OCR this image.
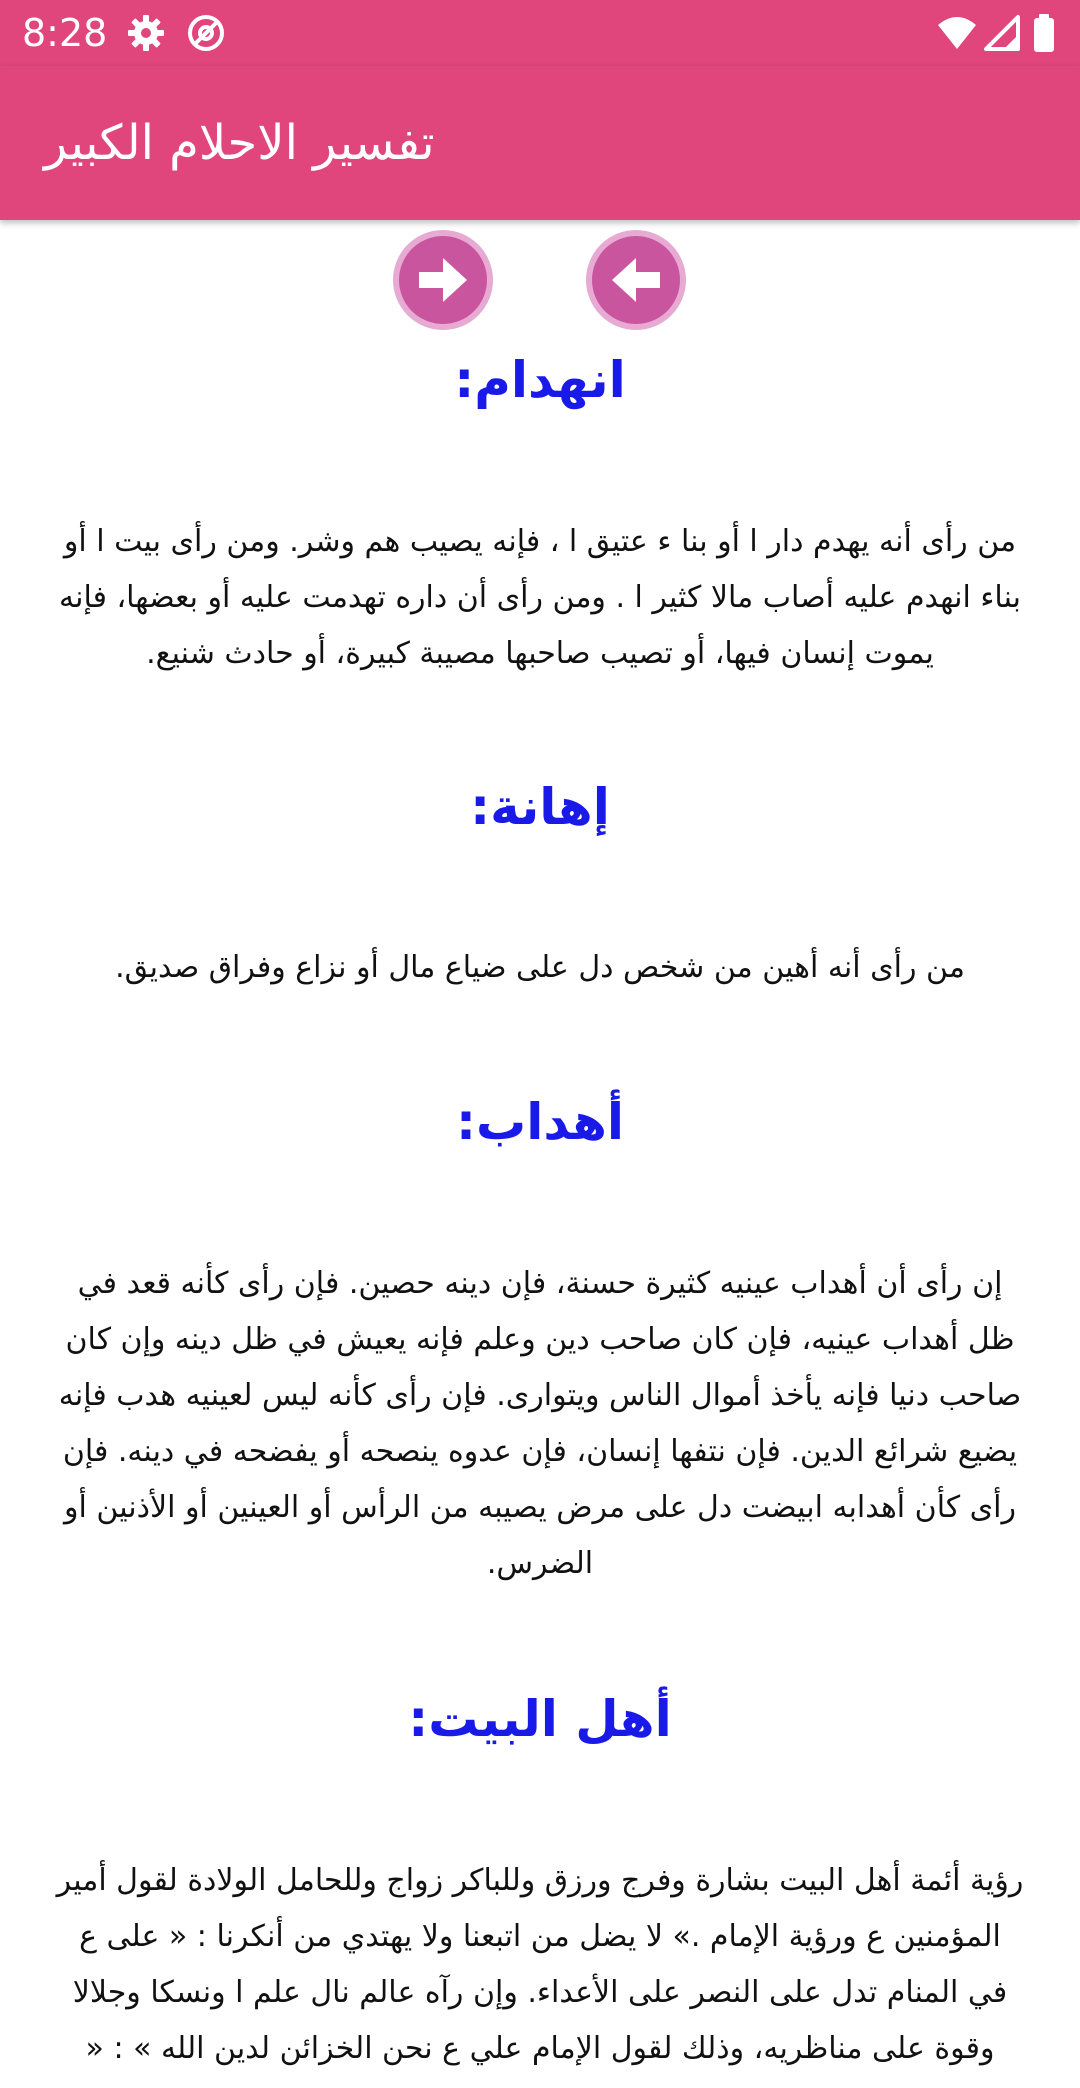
8:28
تفسير الاحلام الكبير
انهدام:

من رأى أنه يهدم دار ا أو بنا ء عتيق ا ، فإنه يصيب هم وشر. ومن رأى بيت ا أو بناء انهدم عليه أصاب مالا كثير ا . ومن رأى أن داره تهدمت عليه أو بعضها، فإنه يموت إنسان فيها، أو تصيب صاحبها مصيبة كبيرة، أو حادث شنيع.

إهانة:

من رأى أنه أهين من شخص دل على ضياع مال أو نزاع وفراق صديق.

أهداب:

إن رأى أن أهداب عينيه كثيرة حسنة، فإن دينه حصين. فإن رأى كأنه قعد في ظل أهداب عينيه، فإن كان صاحب دين وعلم فإنه يعيش في ظل دينه وإن كان صاحب دنيا فإنه يأخذ أموال الناس ويتوارى. فإن رأى كأنه ليس لعينيه هدب فإنه يضيع شرائع الدين. فإن نتفها إنسان، فإن عدوه ينصحه أو يفضحه في دينه. فإن رأى كأن أهدابه ابيضت دل على مرض يصيبه من الرأس أو العينين أو الأذنين أو الضرس.

أهل البيت:

رؤية أئمة أهل البيت بشارة وفرج ورزق وللباكر زواج وللحامل الولادة لقول أمير المؤمنين ع ورؤية الإمام .» لا يضل من اتبعنا ولا يهتدي من أنكرنا : « على ع في المنام تدل على النصر على الأعداء. وإن رآه عالم نال علم ا ونسكا وجلالا وقوة على مناظريه، وذلك لقول الإمام علي ع نحن الخزائن لدين الله » : «
